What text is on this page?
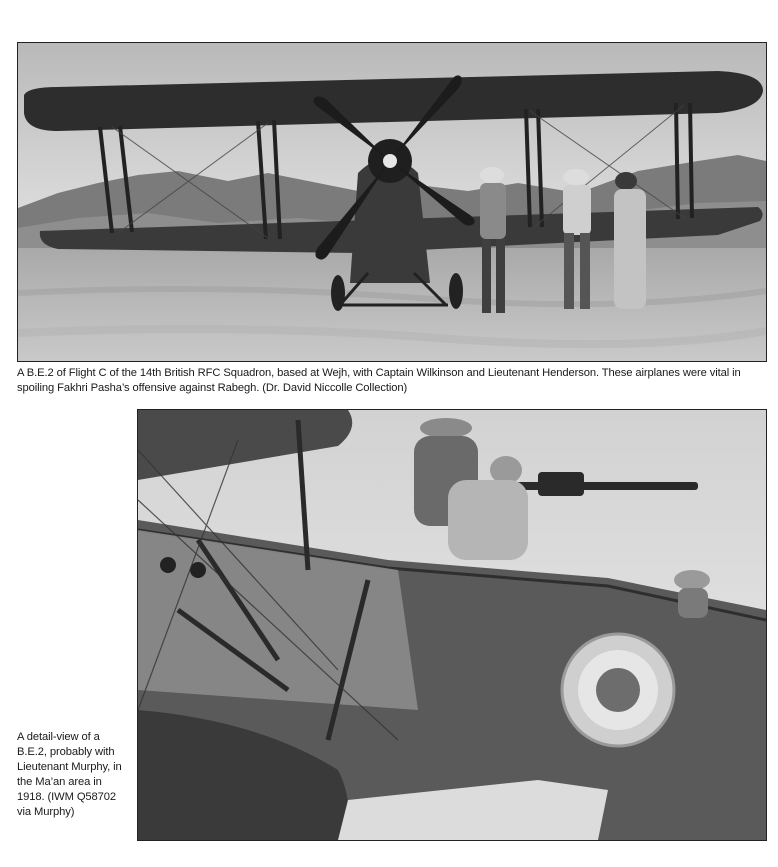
A B.E.2 of Flight C of the 14th British RFC Squadron, based at Wejh, with Captain Wilkinson and Lieutenant Henderson. These airplanes were vital in spoiling Fakhri Pasha’s offensive against Rabegh. (Dr. David Niccolle Collection)

A detail-view of a B.E.2, probably with Lieutenant Murphy, in the Ma’an area in 1918. (IWM Q58702 via Murphy)
